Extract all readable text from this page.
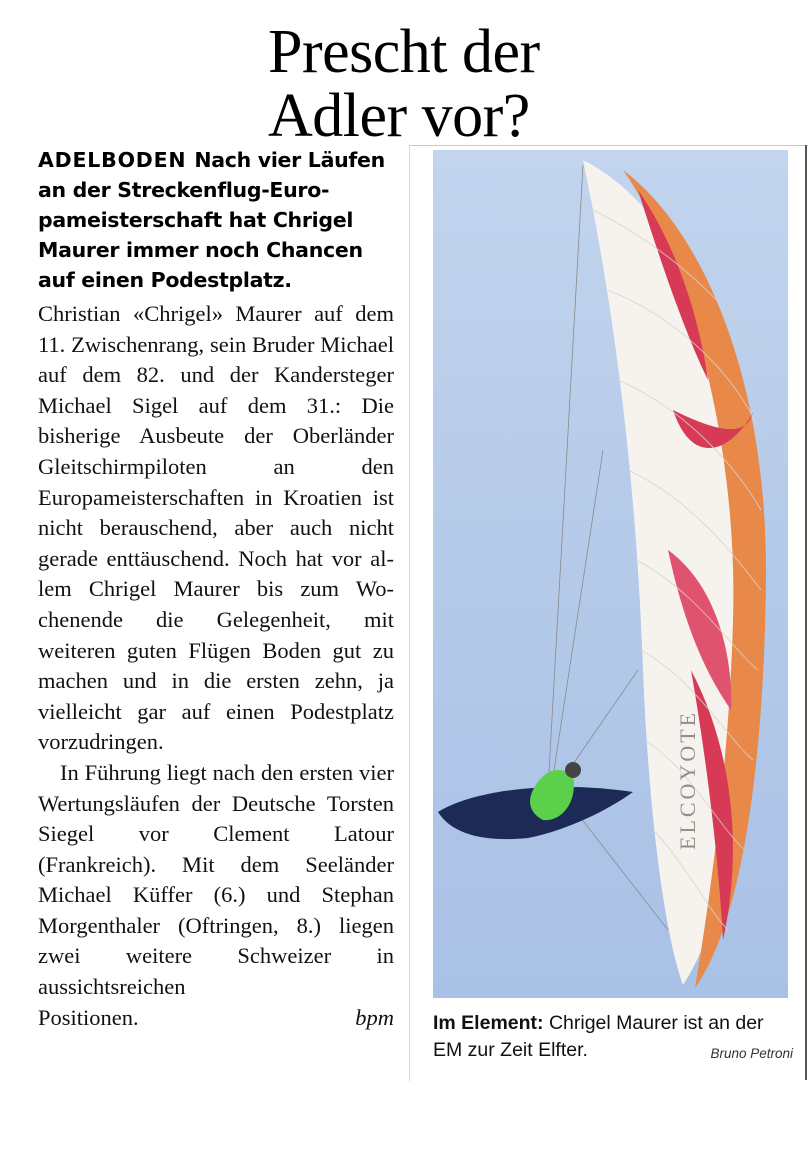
Prescht der
Adler vor?

ADELBODEN Nach vier Läufen an der Streckenflug-Europameisterschaft hat Chrigel Maurer immer noch Chancen auf einen Podestplatz.

Christian «Chrigel» Maurer auf dem 11. Zwischenrang, sein Bruder Michael auf dem 82. und der Kandersteger Michael Sigel auf dem 31.: Die bisherige Ausbeute der Oberländer Gleitschirmpiloten an den Europameisterschaften in Kroatien ist nicht berauschend, aber auch nicht gerade enttäuschend. Noch hat vor allem Chrigel Maurer bis zum Wochenende die Gelegenheit, mit weiteren guten Flügen Boden gut zu machen und in die ersten zehn, ja vielleicht gar auf einen Podestplatz vorzudringen.

In Führung liegt nach den ersten vier Wertungsläufen der Deutsche Torsten Siegel vor Clement Latour (Frankreich). Mit dem Seeländer Michael Küffer (6.) und Stephan Morgenthaler (Oftringen, 8.) liegen zwei weitere Schweizer in aussichtsreichen

Positionen.	bpm
ELCOYOTE
Im Element: Chrigel Maurer ist an der EM zur Zeit Elfter.	Bruno Petroni
